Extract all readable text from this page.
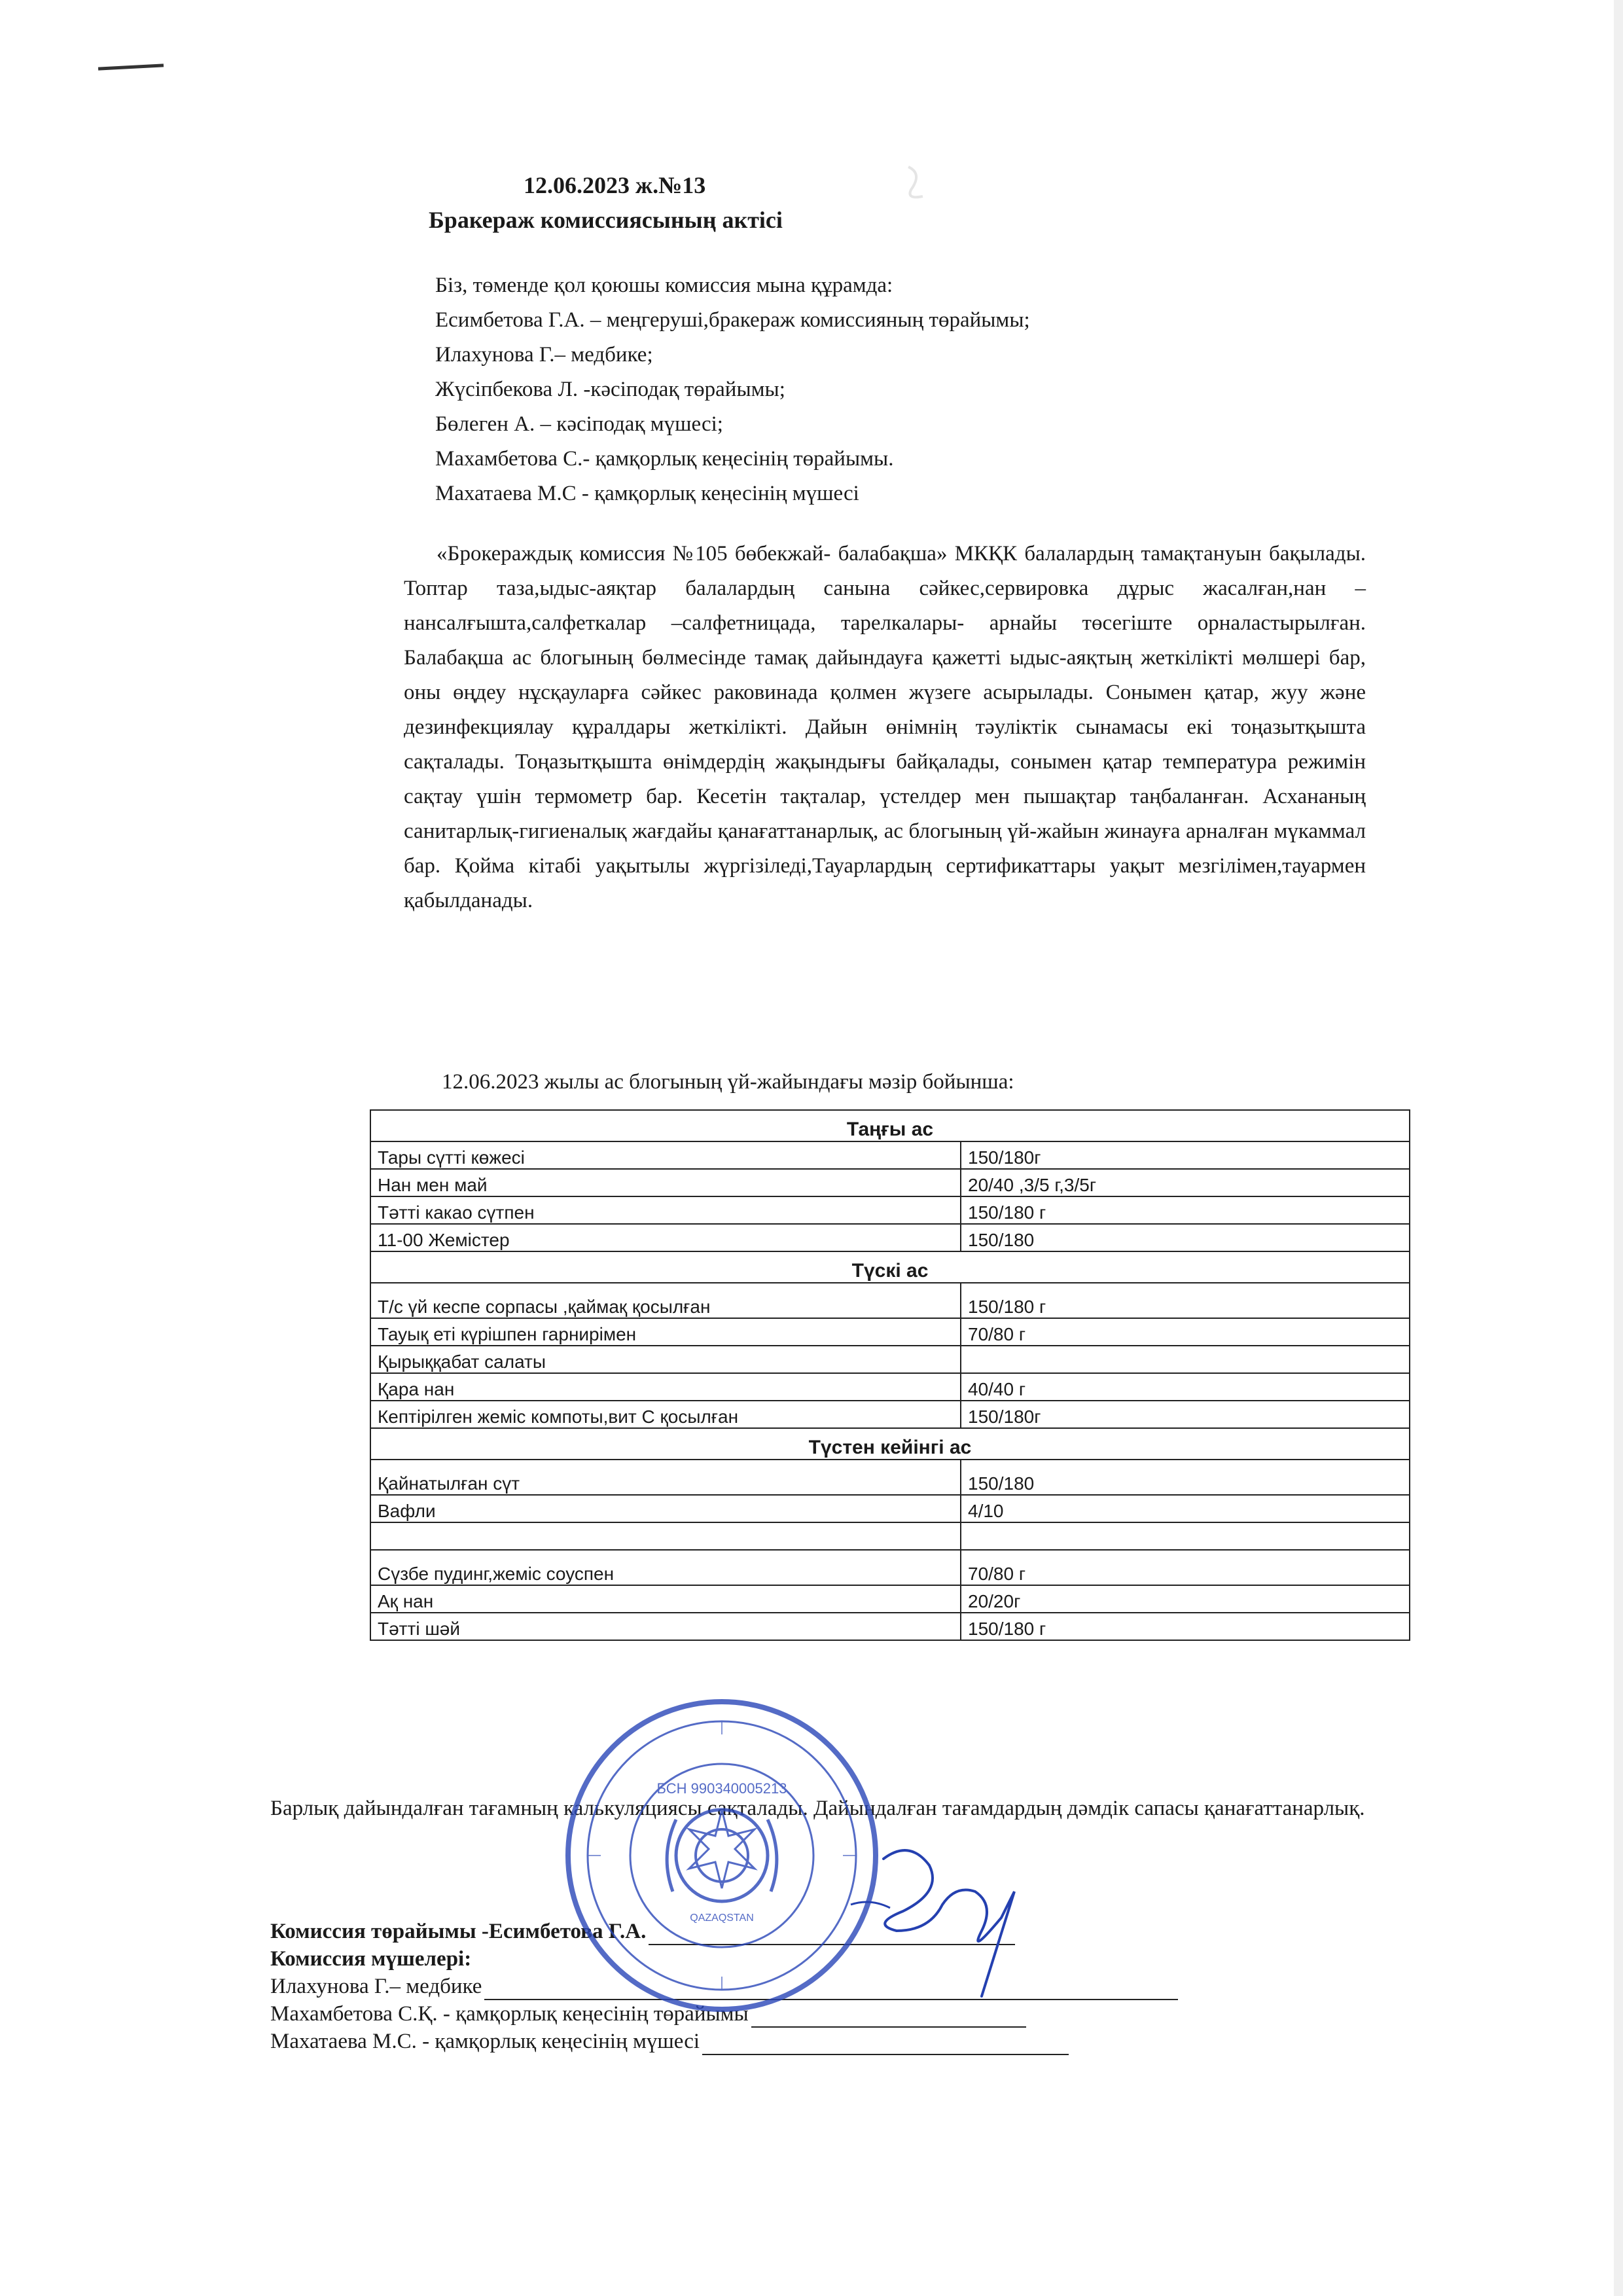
12.06.2023 ж.№13
Бракераж комиссиясының актісі
Біз, төменде қол қоюшы комиссия мына құрамда:
Есимбетова Г.А. – меңгеруші,бракераж комиссияның төрайымы;
Илахунова Г.– медбике;
Жүсіпбекова Л. -кәсіподақ төрайымы;
Бөлеген А. – кәсіподақ мүшесі;
Махамбетова С.- қамқорлық кеңесінің төрайымы.
Махатаева М.С - қамқорлық кеңесінің мүшесі
«Брокераждық комиссия №105 бөбекжай- балабақша» МКҚК балалардың тамақтануын бақылады. Топтар таза,ыдыс-аяқтар балалардың санына сәйкес,сервировка дұрыс жасалған,нан –нансалғышта,салфеткалар –салфетницада, тарелкалары- арнайы төсегіште орналастырылған. Балабақша ас блогының бөлмесінде тамақ дайындауға қажетті ыдыс-аяқтың жеткілікті мөлшері бар, оны өңдеу нұсқауларға сәйкес раковинада қолмен жүзеге асырылады. Сонымен қатар, жуу және дезинфекциялау құралдары жеткілікті. Дайын өнімнің тәуліктік сынамасы екі тоңазытқышта сақталады. Тоңазытқышта өнімдердің жақындығы байқалады, сонымен қатар температура режимін сақтау үшін термометр бар. Кесетін тақталар, үстелдер мен пышақтар таңбаланған. Асхананың санитарлық-гигиеналық жағдайы қанағаттанарлық, ас блогының үй-жайын жинауға арналған мүкаммал бар. Қойма кітабі уақытылы жүргізіледі,Тауарлардың сертификаттары уақыт мезгілімен,тауармен қабылданады.
12.06.2023 жылы ас блогының үй-жайындағы мәзір бойынша:
Таңғы ас	
Тары сүтті көжесі	150/180г
Нан мен май	20/40 ,3/5 г,3/5г
Тәтті какао сүтпен	150/180 г
11-00 Жемістер	150/180
Түскі ас	
Т/с үй кеспе сорпасы ,қаймақ қосылған	150/180 г
Тауық еті күрішпен гарнирімен	70/80 г
Қырыққабат салаты	
Қара нан	40/40 г
Кептірілген жеміс компоты,вит С қосылған	150/180г
Түстен кейінгі ас	
Қайнатылған сүт	150/180
Вафли	4/10

Сүзбе пудинг,жеміс соуспен	70/80 г
Ақ нан	20/20г
Тәтті шәй	150/180 г
Барлық дайындалған тағамның калькуляциясы сақталады. Дайындалған тағамдардың дәмдік сапасы қанағаттанарлық.
Комиссия төрайымы - Есимбетова Г.А.
Комиссия мүшелері:
Илахунова Г.– медбике
Махамбетова С.Қ. - қамқорлық кеңесінің төрайымы
Махатаева М.С. - қамқорлық кеңесінің мүшесі
БСН 990340005213
QAZAQSTAN
